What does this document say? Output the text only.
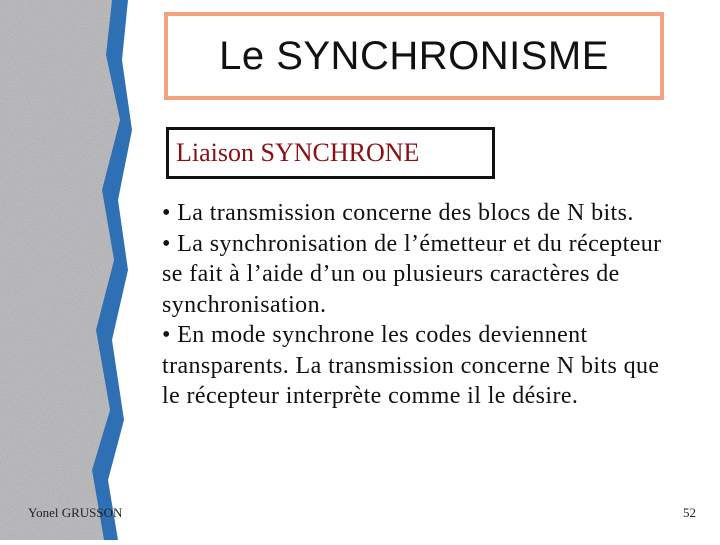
Le SYNCHRONISME
Liaison SYNCHRONE

• La transmission concerne des blocs de N bits.

• La synchronisation de l’émetteur et du récepteur se fait à l’aide d’un ou plusieurs caractères de synchronisation.

• En mode synchrone les codes deviennent transparents. La transmission concerne N bits que le récepteur interprète comme il le désire.

Yonel GRUSSON	52
